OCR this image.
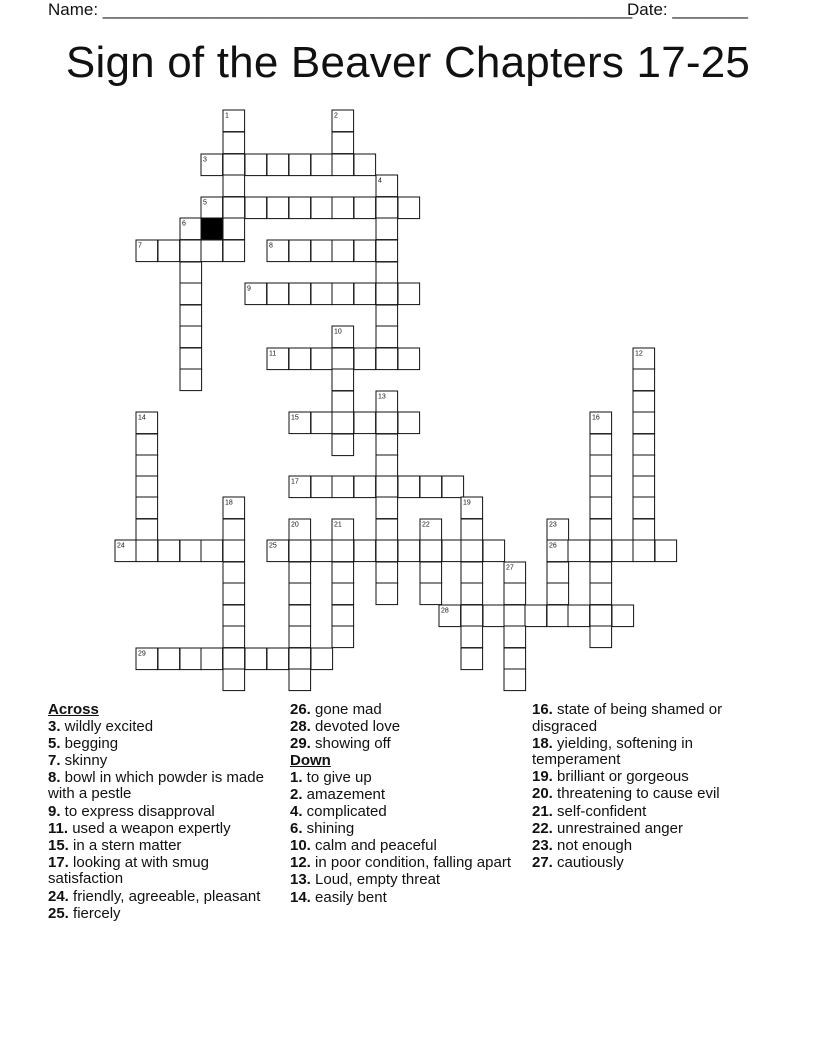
Name: ________________________________________________________
Date: ________
Sign of the Beaver Chapters 17-25
1	2
3
4
5
6
7	8
9
10
11	12
13
14	15	16
17
18	19
20	21	22	23
24	25	26
27
28
29
Across
3. wildly excited
5. begging
7. skinny
8. bowl in which powder is made with a pestle
9. to express disapproval
11. used a weapon expertly
15. in a stern matter
17. looking at with smug satisfaction
24. friendly, agreeable, pleasant
25. fiercely
26. gone mad
28. devoted love
29. showing off
Down
1. to give up
2. amazement
4. complicated
6. shining
10. calm and peaceful
12. in poor condition, falling apart
13. Loud, empty threat
14. easily bent
16. state of being shamed or disgraced
18. yielding, softening in temperament
19. brilliant or gorgeous
20. threatening to cause evil
21. self-confident
22. unrestrained anger
23. not enough
27. cautiously
